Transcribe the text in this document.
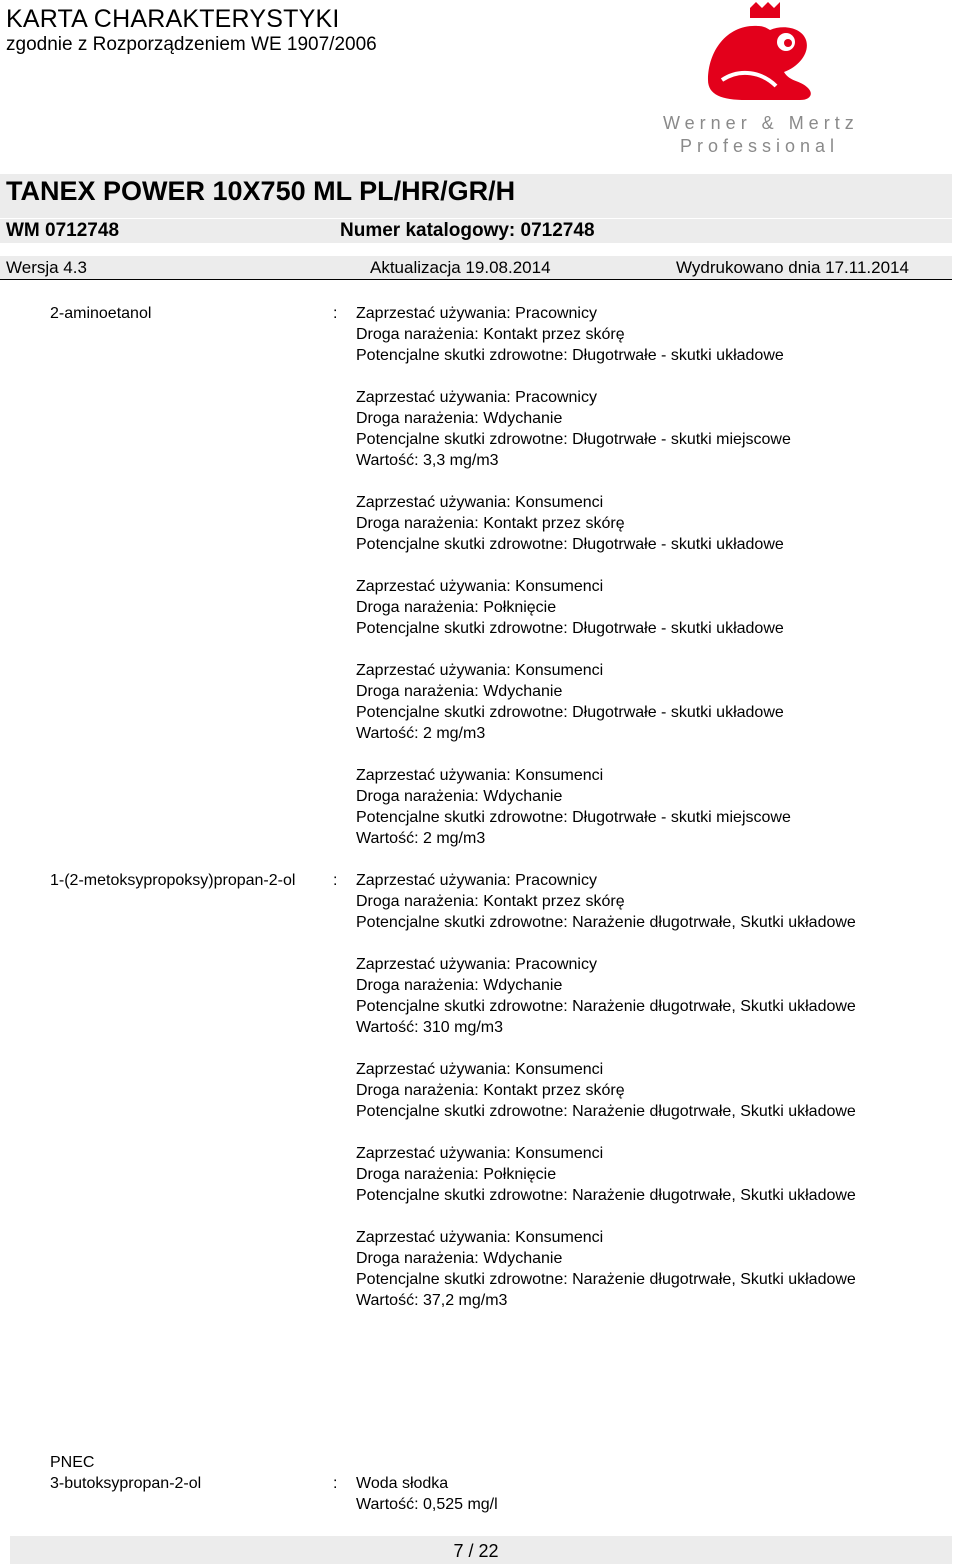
KARTA CHARAKTERYSTYKI
zgodnie z Rozporządzeniem WE 1907/2006
Werner & Mertz
Professional
TANEX POWER 10X750 ML PL/HR/GR/H
WM 0712748	Numer katalogowy: 0712748
Wersja 4.3	Aktualizacja 19.08.2014	Wydrukowano dnia 17.11.2014
2-aminoetanol	: Zaprzestać używania: Pracownicy
Droga narażenia: Kontakt przez skórę
Potencjalne skutki zdrowotne: Długotrwałe - skutki układowe
Zaprzestać używania: Pracownicy
Droga narażenia: Wdychanie
Potencjalne skutki zdrowotne: Długotrwałe - skutki miejscowe
Wartość: 3,3 mg/m3
Zaprzestać używania: Konsumenci
Droga narażenia: Kontakt przez skórę
Potencjalne skutki zdrowotne: Długotrwałe - skutki układowe
Zaprzestać używania: Konsumenci
Droga narażenia: Połknięcie
Potencjalne skutki zdrowotne: Długotrwałe - skutki układowe
Zaprzestać używania: Konsumenci
Droga narażenia: Wdychanie
Potencjalne skutki zdrowotne: Długotrwałe - skutki układowe
Wartość: 2 mg/m3
Zaprzestać używania: Konsumenci
Droga narażenia: Wdychanie
Potencjalne skutki zdrowotne: Długotrwałe - skutki miejscowe
Wartość: 2 mg/m3
1-(2-metoksypropoksy)propan-2-ol	: Zaprzestać używania: Pracownicy
Droga narażenia: Kontakt przez skórę
Potencjalne skutki zdrowotne: Narażenie długotrwałe, Skutki układowe
Zaprzestać używania: Pracownicy
Droga narażenia: Wdychanie
Potencjalne skutki zdrowotne: Narażenie długotrwałe, Skutki układowe
Wartość: 310 mg/m3
Zaprzestać używania: Konsumenci
Droga narażenia: Kontakt przez skórę
Potencjalne skutki zdrowotne: Narażenie długotrwałe, Skutki układowe
Zaprzestać używania: Konsumenci
Droga narażenia: Połknięcie
Potencjalne skutki zdrowotne: Narażenie długotrwałe, Skutki układowe
Zaprzestać używania: Konsumenci
Droga narażenia: Wdychanie
Potencjalne skutki zdrowotne: Narażenie długotrwałe, Skutki układowe
Wartość: 37,2 mg/m3
PNEC
3-butoksypropan-2-ol	: Woda słodka
Wartość: 0,525 mg/l
7 / 22
